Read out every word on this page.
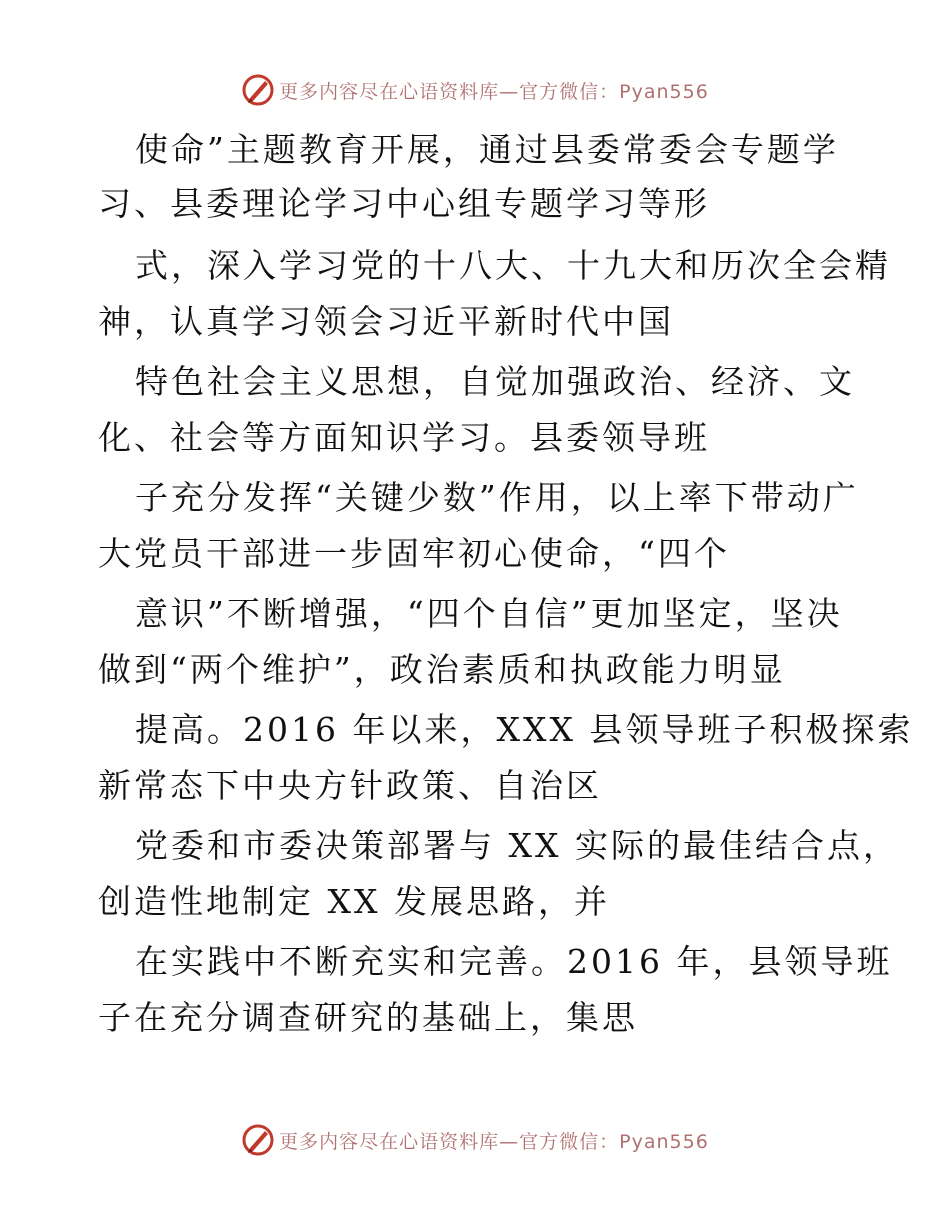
更多内容尽在心语资料库—官方微信：Pyan556
使命”主题教育开展，通过县委常委会专题学
习、县委理论学习中心组专题学习等形
式，深入学习党的十八大、十九大和历次全会精
神，认真学习领会习近平新时代中国
特色社会主义思想，自觉加强政治、经济、文
化、社会等方面知识学习。县委领导班
子充分发挥“关键少数”作用，以上率下带动广
大党员干部进一步固牢初心使命，“四个
意识”不断增强，“四个自信”更加坚定，坚决
做到“两个维护”，政治素质和执政能力明显
提高。2016 年以来，XXX 县领导班子积极探索
新常态下中央方针政策、自治区
党委和市委决策部署与 XX 实际的最佳结合点，
创造性地制定 XX 发展思路，并
在实践中不断充实和完善。2016 年，县领导班
子在充分调查研究的基础上，集思
更多内容尽在心语资料库—官方微信：Pyan556
